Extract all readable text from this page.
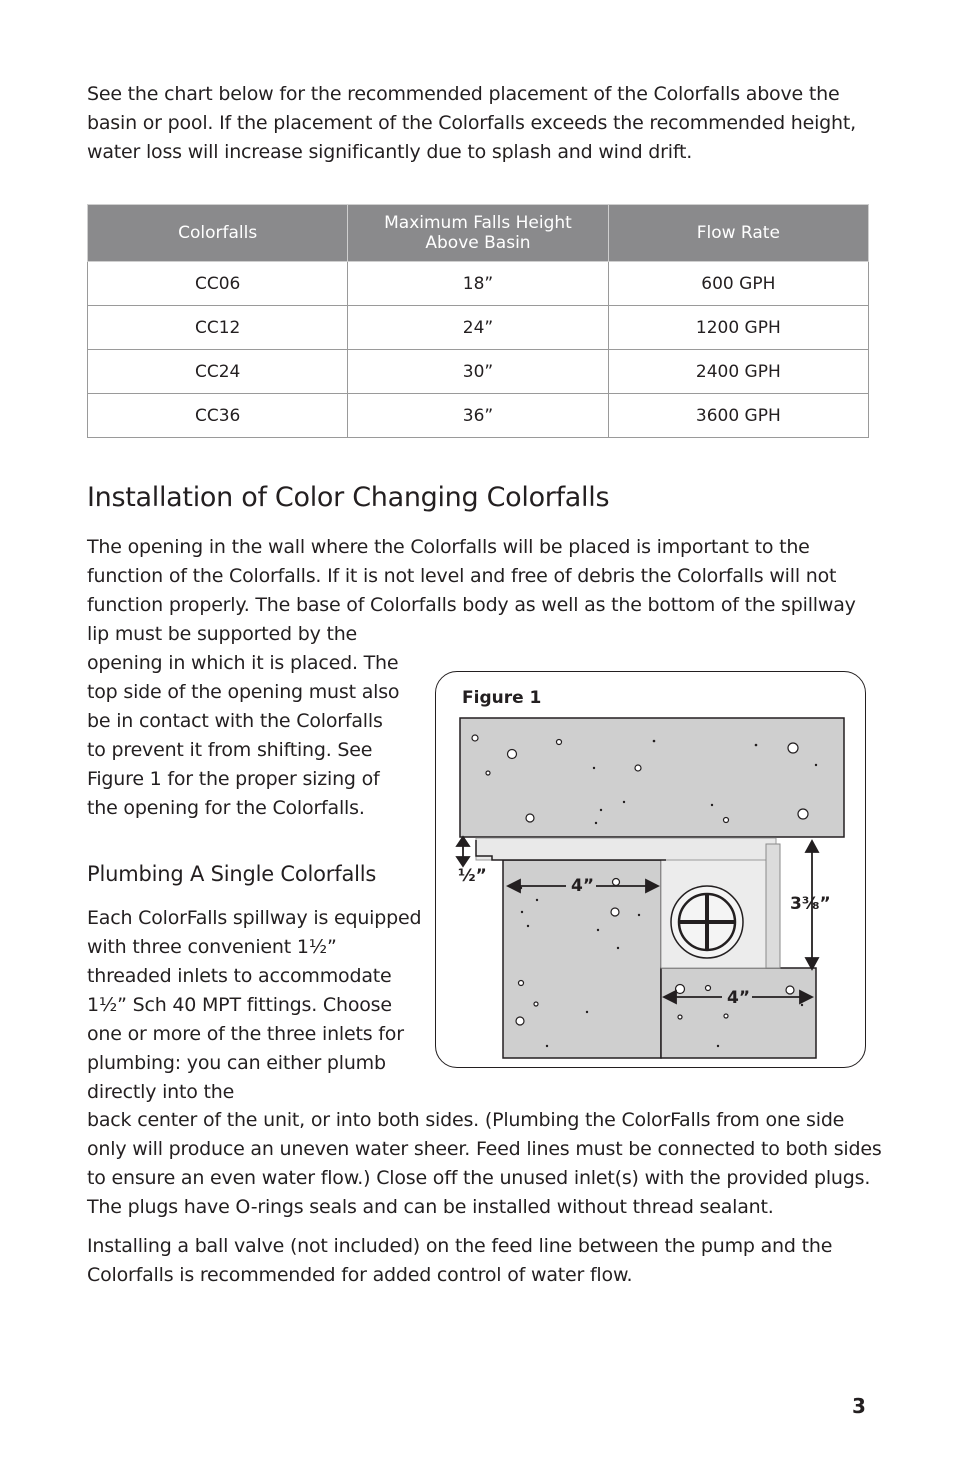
See the chart below for the recommended placement of the Colorfalls above the basin or pool. If the placement of the Colorfalls exceeds the recommended height, water loss will increase significantly due to splash and wind drift.

Colorfalls	Maximum Falls Height Above Basin	Flow Rate
CC06	18”	600 GPH
CC12	24”	1200 GPH
CC24	30”	2400 GPH
CC36	36”	3600 GPH
Installation of Color Changing Colorfalls

The opening in the wall where the Colorfalls will be placed is important to the function of the Colorfalls. If it is not level and free of debris the Colorfalls will not function properly. The base of Colorfalls body as well as the bottom of the spillway

lip must be supported by the opening in which it is placed. The top side of the opening must also be in contact with the Colorfalls to prevent it from shifting. See Figure 1 for the proper sizing of the opening for the Colorfalls.

Plumbing A Single Colorfalls

Each ColorFalls spillway is equipped with three convenient 1½” threaded inlets to accommodate 1½” Sch 40 MPT fittings. Choose one or more of the three inlets for plumbing: you can either plumb directly into the

back center of the unit, or into both sides. (Plumbing the ColorFalls from one side only will produce an uneven water sheer. Feed lines must be connected to both sides to ensure an even water flow.) Close off the unused inlet(s) with the provided plugs. The plugs have O-rings seals and can be installed without thread sealant.

Installing a ball valve (not included) on the feed line between the pump and the Colorfalls is recommended for added control of water flow.

Figure 1
½”	4”
3³⁄₈”
4”
3
